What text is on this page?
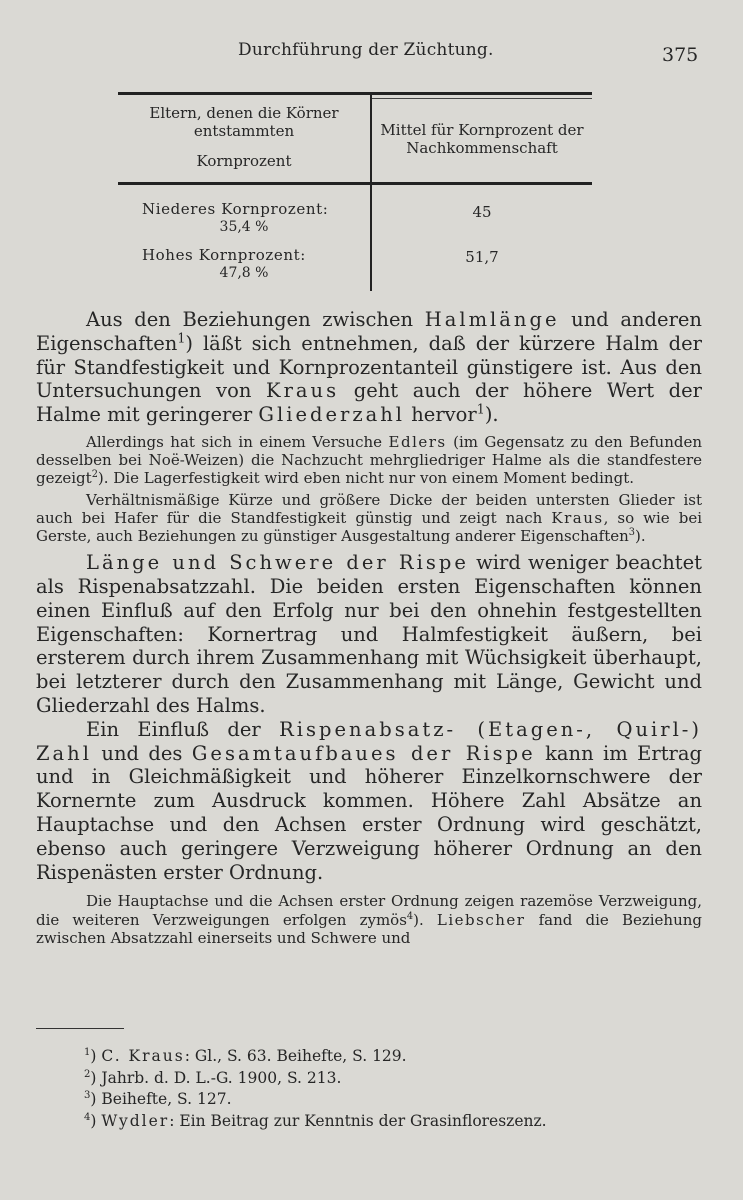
Durchführung der Züchtung.	375
Eltern, denen die Körner entstammten
Kornprozent
Mittel für Kornprozent der Nachkommenschaft
Niederes Kornprozent:
35,4 %
45
Hohes Kornprozent:
47,8 %
51,7

Aus den Beziehungen zwischen Halmlänge und anderen Eigenschaften$^1$) läßt sich entnehmen, daß der kürzere Halm der für Standfestigkeit und Kornprozentanteil günstigere ist. Aus den Untersuchungen von Kraus geht auch der höhere Wert der Halme mit geringerer Gliederzahl hervor$^1$).

Allerdings hat sich in einem Versuche Edlers (im Gegensatz zu den Befunden desselben bei Noë-Weizen) die Nachzucht mehrgliedriger Halme als die standfestere gezeigt$^2$). Die Lagerfestigkeit wird eben nicht nur von einem Moment bedingt.

Verhältnismäßige Kürze und größere Dicke der beiden untersten Glieder ist auch bei Hafer für die Standfestigkeit günstig und zeigt nach Kraus, so wie bei Gerste, auch Beziehungen zu günstiger Ausgestaltung anderer Eigenschaften$^3$).

Länge und Schwere der Rispe wird weniger beachtet als Rispenabsatzzahl. Die beiden ersten Eigenschaften können einen Einfluß auf den Erfolg nur bei den ohnehin festgestellten Eigenschaften: Kornertrag und Halmfestigkeit äußern, bei ersterem durch ihrem Zusammenhang mit Wüchsigkeit überhaupt, bei letzterer durch den Zusammenhang mit Länge, Gewicht und Gliederzahl des Halms.

Ein Einfluß der Rispenabsatz- (Etagen-, Quirl-) Zahl und des Gesamtaufbaues der Rispe kann im Ertrag und in Gleichmäßigkeit und höherer Einzelkornschwere der Kornernte zum Ausdruck kommen. Höhere Zahl Absätze an Hauptachse und den Achsen erster Ordnung wird geschätzt, ebenso auch geringere Verzweigung höherer Ordnung an den Rispenästen erster Ordnung.

Die Hauptachse und die Achsen erster Ordnung zeigen razemöse Verzweigung, die weiteren Verzweigungen erfolgen zymös$^4$). Liebscher fand die Beziehung zwischen Absatzzahl einerseits und Schwere und

$^1$) C. Kraus: Gl., S. 63. Beihefte, S. 129.
$^2$) Jahrb. d. D. L.-G. 1900, S. 213.
$^3$) Beihefte, S. 127.
$^4$) Wydler: Ein Beitrag zur Kenntnis der Grasinfloreszenz.
